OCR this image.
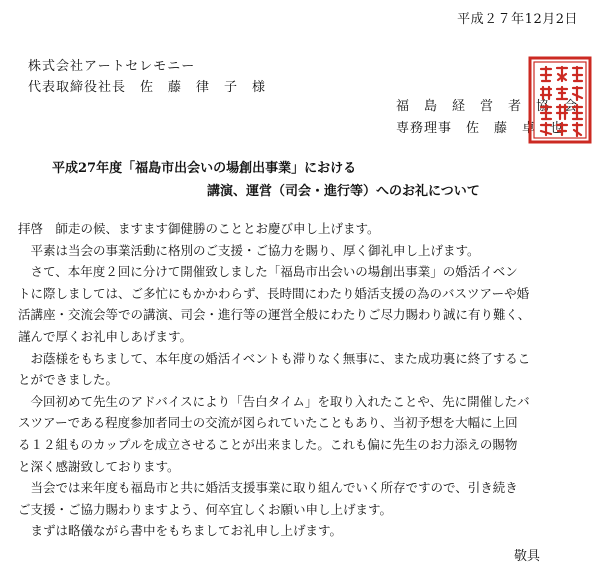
平成２７年12月2日
株式会社アートセレモニー
代表取締役社長　佐　藤　律　子　様
福　島　経　営　者　協　会
専務理事　佐　藤　卓　也
平成27年度「福島市出会いの場創出事業」における
講演、運営（司会・進行等）へのお礼について

拝啓　師走の候、ますます御健勝のこととお慶び申し上げます。

　平素は当会の事業活動に格別のご支援・ご協力を賜り、厚く御礼申し上げます。

　さて、本年度２回に分けて開催致しました「福島市出会いの場創出事業」の婚活イベン

トに際しましては、ご多忙にもかかわらず、長時間にわたり婚活支援の為のバスツアーや婚

活講座・交流会等での講演、司会・進行等の運営全般にわたりご尽力賜わり誠に有り難く、

謹んで厚くお礼申しあげます。

　お蔭様をもちまして、本年度の婚活イベントも滞りなく無事に、また成功裏に終了するこ

とができました。

　今回初めて先生のアドバイスにより「告白タイム」を取り入れたことや、先に開催したバ

スツアーである程度参加者同士の交流が図られていたこともあり、当初予想を大幅に上回

る１２組ものカップルを成立させることが出来ました。これも偏に先生のお力添えの賜物

と深く感謝致しております。

　当会では来年度も福島市と共に婚活支援事業に取り組んでいく所存ですので、引き続き

ご支援・ご協力賜わりますよう、何卒宜しくお願い申し上げます。

　まずは略儀ながら書中をもちましてお礼申し上げます。

敬具
